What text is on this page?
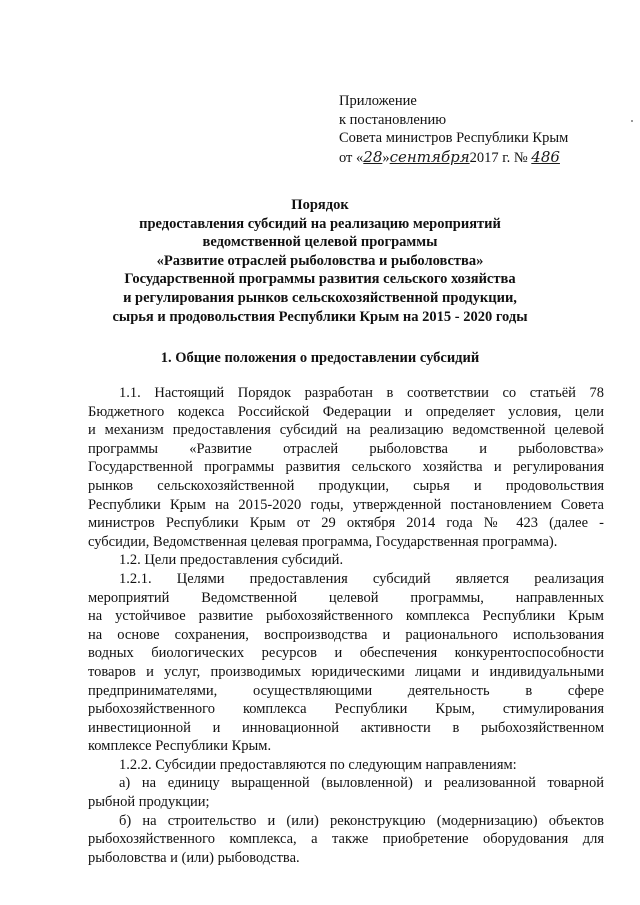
Приложение
к постановлению
Совета министров Республики Крым
от «28»сентября2017 г. № 486
Порядок
предоставления субсидий на реализацию мероприятий
ведомственной целевой программы
«Развитие отраслей рыболовства и рыболовства»
Государственной программы развития сельского хозяйства
и регулирования рынков сельскохозяйственной продукции,
сырья и продовольствия Республики Крым на 2015 - 2020 годы
1. Общие положения о предоставлении субсидий
1.1. Настоящий Порядок разработан в соответствии со статьёй 78
Бюджетного кодекса Российской Федерации и определяет условия, цели
и механизм предоставления субсидий на реализацию ведомственной целевой
программы «Развитие отраслей рыболовства и рыболовства»
Государственной программы развития сельского хозяйства и регулирования
рынков сельскохозяйственной продукции, сырья и продовольствия
Республики Крым на 2015-2020 годы, утвержденной постановлением Совета
министров Республики Крым от 29 октября 2014 года № 423 (далее -
субсидии, Ведомственная целевая программа, Государственная программа).
1.2. Цели предоставления субсидий.
1.2.1. Целями предоставления субсидий является реализация
мероприятий Ведомственной целевой программы, направленных
на устойчивое развитие рыбохозяйственного комплекса Республики Крым
на основе сохранения, воспроизводства и рационального использования
водных биологических ресурсов и обеспечения конкурентоспособности
товаров и услуг, производимых юридическими лицами и индивидуальными
предпринимателями, осуществляющими деятельность в сфере
рыбохозяйственного комплекса Республики Крым, стимулирования
инвестиционной и инновационной активности в рыбохозяйственном
комплексе Республики Крым.
1.2.2. Субсидии предоставляются по следующим направлениям:
а) на единицу выращенной (выловленной) и реализованной товарной
рыбной продукции;
б) на строительство и (или) реконструкцию (модернизацию) объектов
рыбохозяйственного комплекса, а также приобретение оборудования для
рыболовства и (или) рыбоводства.
